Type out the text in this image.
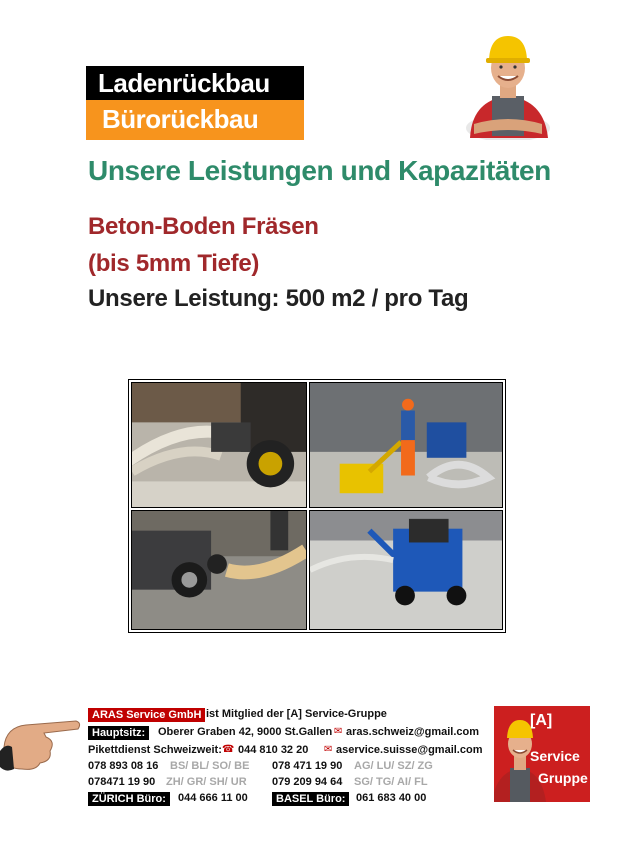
Ladenrückbau
Bürorückbau
Unsere Leistungen und Kapazitäten
Beton-Boden Fräsen
(bis 5mm Tiefe)
Unsere Leistung: 500 m2 / pro Tag
ARAS Service GmbH ist Mitglied der [A] Service-Gruppe
Hauptsitz:	Oberer Graben 42, 9000 St.Gallen ✉ aras.schweiz@gmail.com
Pikettdienst Schweizweit: ☎ 044 810 32 20 ✉ aservice.suisse@gmail.com
078 893 08 16 BS/ BL/ SO/ BE 078 471 19 90 AG/ LU/ SZ/ ZG
078471 19 90 ZH/ GR/ SH/ UR 079 209 94 64 SG/ TG/ AI/ FL
ZÜRICH Büro:	044 666 11 00	BASEL Büro: 061 683 40 00
[A]
Service
Gruppe
